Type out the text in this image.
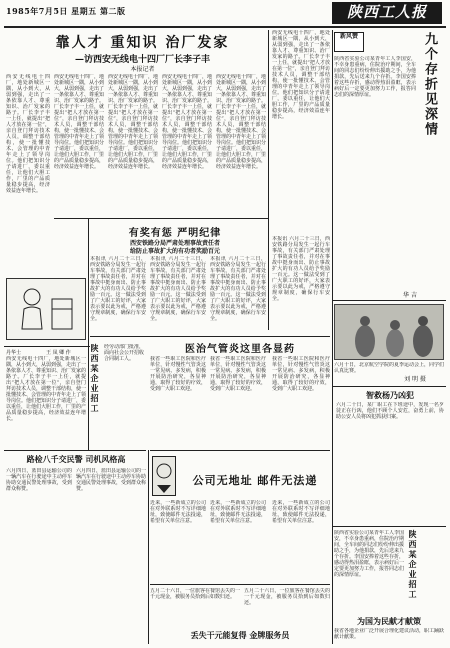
1985年7月5日 星期五 第二版	陕西工人报
靠人才 重知识 治厂发家
—访西安无线电十四厂厂长李子丰
本报记者
西安无线电十四厂，地处新城区一隅，从小到大，从弱到强，走出了一条依靠人才、尊重知识、治厂发家的路子。厂长李子丰一上任，就提出“把人才放在第一位”，亲自登门拜访技术人员，调整干部结构，使一批懂技术、会管理的中青年走上了领导岗位。他们把知识分子请进厂，委以重任，让他们大胆工作，厂里的产品质量稳步提高，经济效益连年增长。
西安无线电十四厂，地处新城区一隅，从小到大，从弱到强，走出了一条依靠人才、尊重知识、治厂发家的路子。厂长李子丰一上任，就提出“把人才放在第一位”，亲自登门拜访技术人员，调整干部结构，使一批懂技术、会管理的中青年走上了领导岗位。他们把知识分子请进厂，委以重任，让他们大胆工作，厂里的产品质量稳步提高，经济效益连年增长。
西安无线电十四厂，地处新城区一隅，从小到大，从弱到强，走出了一条依靠人才、尊重知识、治厂发家的路子。厂长李子丰一上任，就提出“把人才放在第一位”，亲自登门拜访技术人员，调整干部结构，使一批懂技术、会管理的中青年走上了领导岗位。他们把知识分子请进厂，委以重任，让他们大胆工作，厂里的产品质量稳步提高，经济效益连年增长。
西安无线电十四厂，地处新城区一隅，从小到大，从弱到强，走出了一条依靠人才、尊重知识、治厂发家的路子。厂长李子丰一上任，就提出“把人才放在第一位”，亲自登门拜访技术人员，调整干部结构，使一批懂技术、会管理的中青年走上了领导岗位。他们把知识分子请进厂，委以重任，让他们大胆工作，厂里的产品质量稳步提高，经济效益连年增长。
西安无线电十四厂，地处新城区一隅，从小到大，从弱到强，走出了一条依靠人才、尊重知识、治厂发家的路子。厂长李子丰一上任，就提出“把人才放在第一位”，亲自登门拜访技术人员，调整干部结构，使一批懂技术、会管理的中青年走上了领导岗位。他们把知识分子请进厂，委以重任，让他们大胆工作，厂里的产品质量稳步提高，经济效益连年增长。
西安无线电十四厂，地处新城区一隅，从小到大，从弱到强，走出了一条依靠人才、尊重知识、治厂发家的路子。厂长李子丰一上任，就提出“把人才放在第一位”，亲自登门拜访技术人员，调整干部结构，使一批懂技术、会管理的中青年走上了领导岗位。他们把知识分子请进厂，委以重任，让他们大胆工作，厂里的产品质量稳步提高，经济效益连年增长。
新风赞
陕西省实验公司某青年工人李国安，不幸身患重病，住院治疗期间，全车间的同志们纷纷伸出援助之手，为他捐款，先后送来九个存折。李国安捧着这些存折，感动得热泪盈眶，表示病好后一定要更加努力工作，报答同志们的深情厚谊。	九个存折见深情
华 吉
有奖有惩 严明纪律
西安铁路分局严肃处理事故责任者
给防止事故扩大的有功者奖励百元
本报讯 六月二十三日，西安铁路分局发生一起行车事故，有关部门严肃处理了事故责任者，并对在事故中挺身而出、防止事故扩大的有功人员给予奖励一百元。这一做法受到了广大职工的好评，大家表示要以此为戒，严格遵守规章制度，确保行车安全。
本报讯 六月二十三日，西安铁路分局发生一起行车事故，有关部门严肃处理了事故责任者，并对在事故中挺身而出、防止事故扩大的有功人员给予奖励一百元。这一做法受到了广大职工的好评，大家表示要以此为戒，严格遵守规章制度，确保行车安全。
本报讯 六月二十三日，西安铁路分局发生一起行车事故，有关部门严肃处理了事故责任者，并对在事故中挺身而出、防止事故扩大的有功人员给予奖励一百元。这一做法受到了广大职工的好评，大家表示要以此为戒，严格遵守规章制度，确保行车安全。
本报讯 六月二十三日，西安铁路分局发生一起行车事故，有关部门严肃处理了事故责任者，并对在事故中挺身而出、防止事故扩大的有功人员给予奖励一百元。这一做法受到了广大职工的好评，大家表示要以此为戒，严格遵守规章制度，确保行车安全。
六月十日，北京航空学院的夏季运动会上，同学们认真比赛。
刘 明 摄
丹华士	王 凤 卿 作 陕西某企业招工 经劳动部门批准，面向社会公开招收合同制工人。
医治气管炎这里各显药
我省一些职工医院和医疗单位，针对慢性气管炎这一常见病、多发病，积极开展防治研究，各显神通，取得了较好的疗效，受到广大职工欢迎。
我省一些职工医院和医疗单位，针对慢性气管炎这一常见病、多发病，积极开展防治研究，各显神通，取得了较好的疗效，受到广大职工欢迎。
我省一些职工医院和医疗单位，针对慢性气管炎这一常见病、多发病，积极开展防治研究，各显神通，取得了较好的疗效，受到广大职工欢迎。
西安无线电十四厂，地处新城区一隅，从小到大，从弱到强，走出了一条依靠人才、尊重知识、治厂发家的路子。厂长李子丰一上任，就提出“把人才放在第一位”，亲自登门拜访技术人员，调整干部结构，使一批懂技术、会管理的中青年走上了领导岗位。他们把知识分子请进厂，委以重任，让他们大胆工作，厂里的产品质量稳步提高，经济效益连年增长。
智救杨乃凶犯
六月二十日，某厂职工在下班途中，发现一名歹徒正在行凶，他们不顾个人安危，奋勇上前，协助公安人员将凶犯抓获归案。
路检八千交民警 司机风格高
六月四日，蓝田县运输公司的一辆汽车在行驶途中主动停车协助交通民警处理事故，受到群众称赞。
六月四日，蓝田县运输公司的一辆汽车在行驶途中主动停车协助交通民警处理事故，受到群众称赞。
公司无地址 邮件无法递
近来，一些新成立的公司在对外联系时不写详细地址，致使邮件无法投递，希望有关单位注意。
近来，一些新成立的公司在对外联系时不写详细地址，致使邮件无法投递，希望有关单位注意。
近来，一些新成立的公司在对外联系时不写详细地址，致使邮件无法投递，希望有关单位注意。
五月二十六日，一位旅客在餐馆丢失的一千元现金，被服务员拾到后如数归还。
五月二十六日，一位旅客在餐馆丢失的一千元现金，被服务员拾到后如数归还。
丢失干元能复得 金牌服务员
陕西省实验公司某青年工人李国安，不幸身患重病，住院治疗期间，全车间的同志们纷纷伸出援助之手，为他捐款，先后送来九个存折。李国安捧着这些存折，感动得热泪盈眶，表示病好后一定要更加努力工作，报答同志们的深情厚谊。	陕西某企业招工
为国为民献才献策
我省各地企业广泛开展合理化建议活动，职工踊跃献计献策。
